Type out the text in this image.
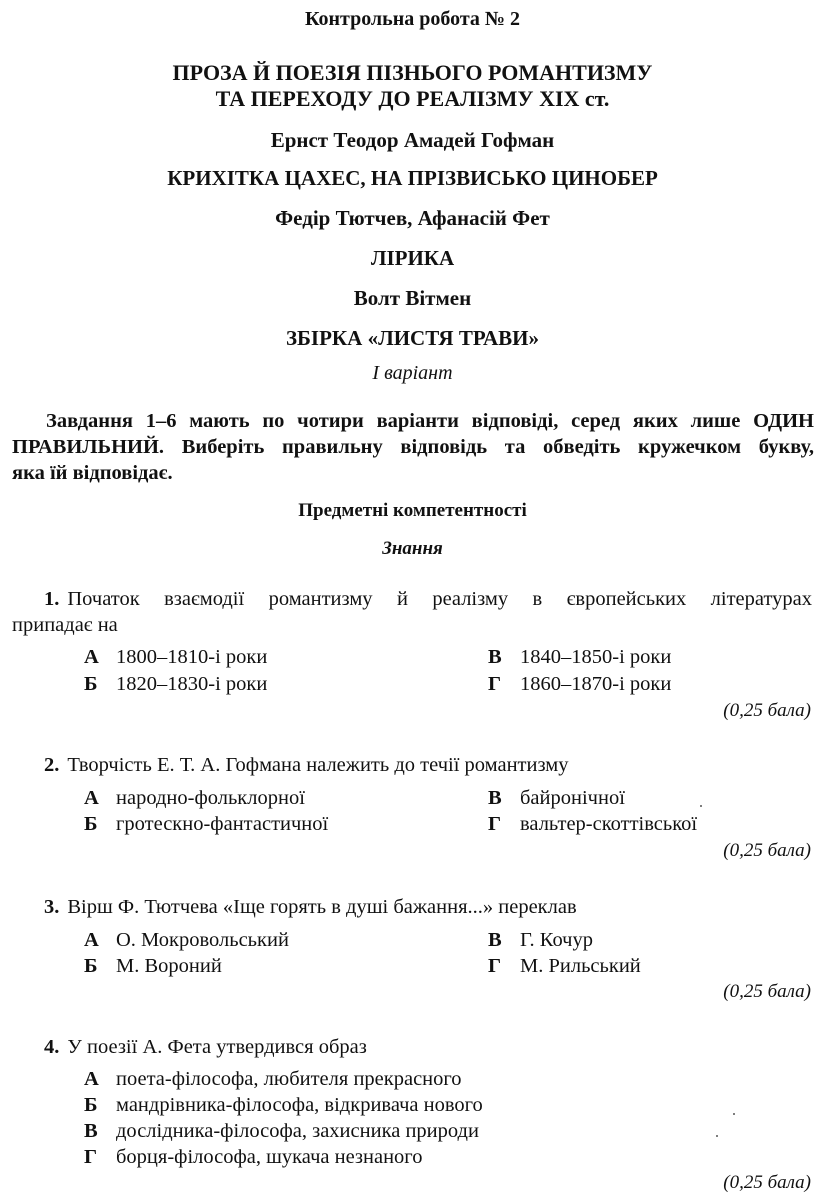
Контрольна робота № 2
ПРОЗА Й ПОЕЗІЯ ПІЗНЬОГО РОМАНТИЗМУ
ТА ПЕРЕХОДУ ДО РЕАЛІЗМУ XIX ст.
Ернст Теодор Амадей Гофман
КРИХІТКА ЦАХЕС, НА ПРІЗВИСЬКО ЦИНОБЕР
Федір Тютчев, Афанасій Фет
ЛІРИКА
Волт Вітмен
ЗБІРКА «ЛИСТЯ ТРАВИ»
I варіант
Завдання 1–6 мають по чотири варіанти відповіді, серед яких лише ОДИН
ПРАВИЛЬНИЙ. Виберіть правильну відповідь та обведіть кружечком букву,
яка їй відповідає.
Предметні компетентності
Знання
1. Початок взаємодії романтизму й реалізму в європейських літературах
припадає на
А 1800–1810-і роки	В 1840–1850-і роки
Б 1820–1830-і роки	Г 1860–1870-і роки
(0,25 бала)
2. Творчість Е. Т. А. Гофмана належить до течії романтизму
А народно-фольклорної	В байронічної
Б гротескно-фантастичної	Г вальтер-скоттівської
(0,25 бала)
3. Вірш Ф. Тютчева «Іще горять в душі бажання...» переклав
А О. Мокровольський	В Г. Кочур
Б М. Вороний	Г М. Рильський
(0,25 бала)
4. У поезії А. Фета утвердився образ
А поета-філософа, любителя прекрасного
Б мандрівника-філософа, відкривача нового
В дослідника-філософа, захисника природи
Г борця-філософа, шукача незнаного
(0,25 бала)
